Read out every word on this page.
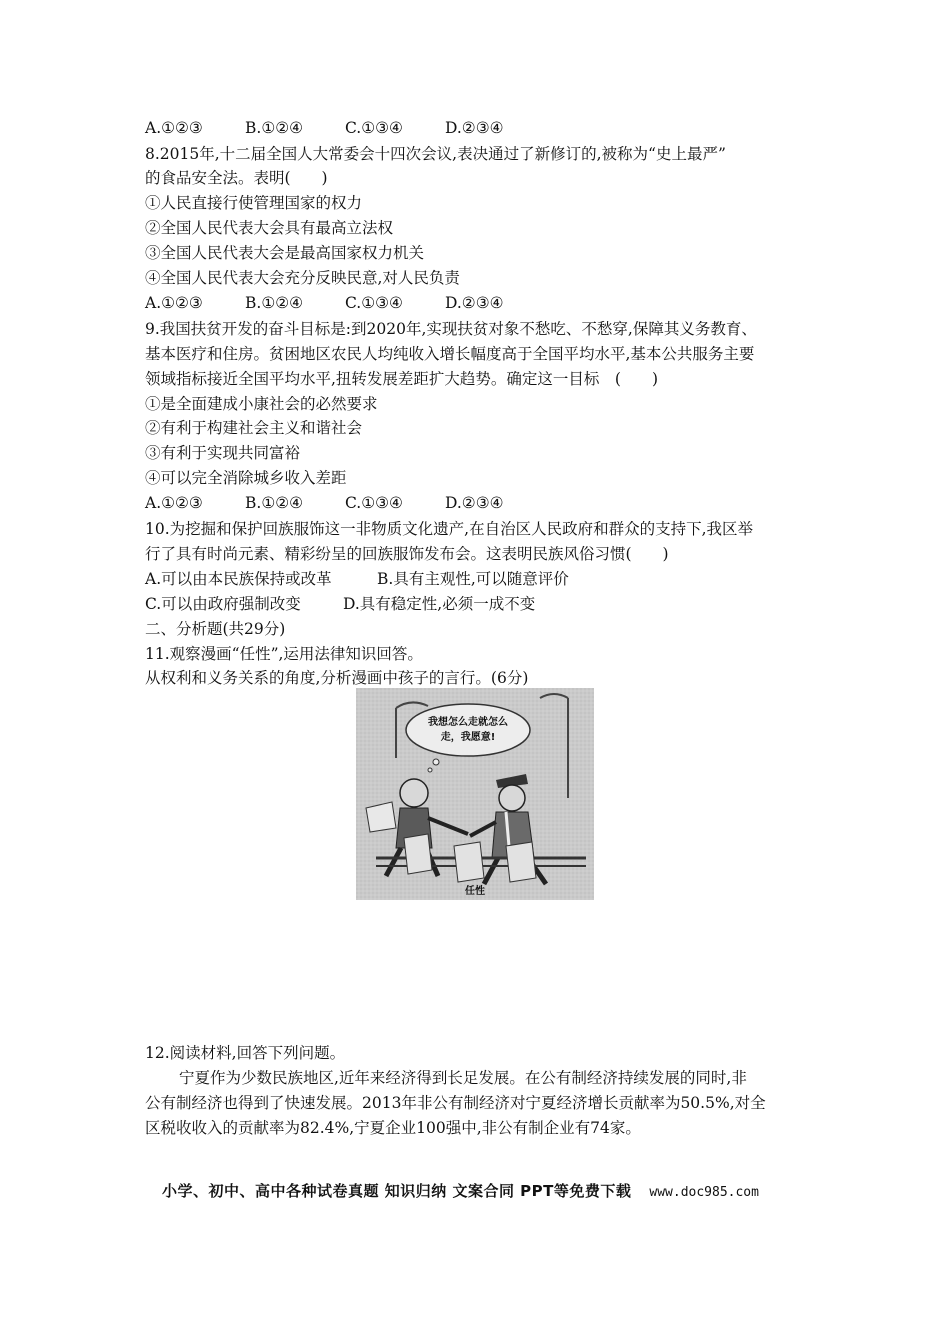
A.①②③	B.①②④	C.①③④	D.②③④
8.2015年,十二届全国人大常委会十四次会议,表决通过了新修订的,被称为“史上最严”
的食品安全法。表明(　　)
①人民直接行使管理国家的权力
②全国人民代表大会具有最高立法权
③全国人民代表大会是最高国家权力机关
④全国人民代表大会充分反映民意,对人民负责
A.①②③	B.①②④	C.①③④	D.②③④
9.我国扶贫开发的奋斗目标是:到2020年,实现扶贫对象不愁吃、不愁穿,保障其义务教育、
基本医疗和住房。贫困地区农民人均纯收入增长幅度高于全国平均水平,基本公共服务主要
领域指标接近全国平均水平,扭转发展差距扩大趋势。确定这一目标　(　　)
①是全面建成小康社会的必然要求
②有利于构建社会主义和谐社会
③有利于实现共同富裕
④可以完全消除城乡收入差距
A.①②③	B.①②④	C.①③④	D.②③④
10.为挖掘和保护回族服饰这一非物质文化遗产,在自治区人民政府和群众的支持下,我区举
行了具有时尚元素、精彩纷呈的回族服饰发布会。这表明民族风俗习惯(　　)
A.可以由本民族保持或改革	B.具有主观性,可以随意评价
C.可以由政府强制改变	D.具有稳定性,必须一成不变
二、分析题(共29分)
11.观察漫画“任性”,运用法律知识回答。
从权利和义务关系的角度,分析漫画中孩子的言行。(6分)
我想怎么走就怎么
走，我愿意!
任性
12.阅读材料,回答下列问题。
宁夏作为少数民族地区,近年来经济得到长足发展。在公有制经济持续发展的同时,非
公有制经济也得到了快速发展。2013年非公有制经济对宁夏经济增长贡献率为50.5%,对全
区税收收入的贡献率为82.4%,宁夏企业100强中,非公有制企业有74家。
小学、初中、高中各种试卷真题 知识归纳 文案合同 PPT等免费下载 www.doc985.com
